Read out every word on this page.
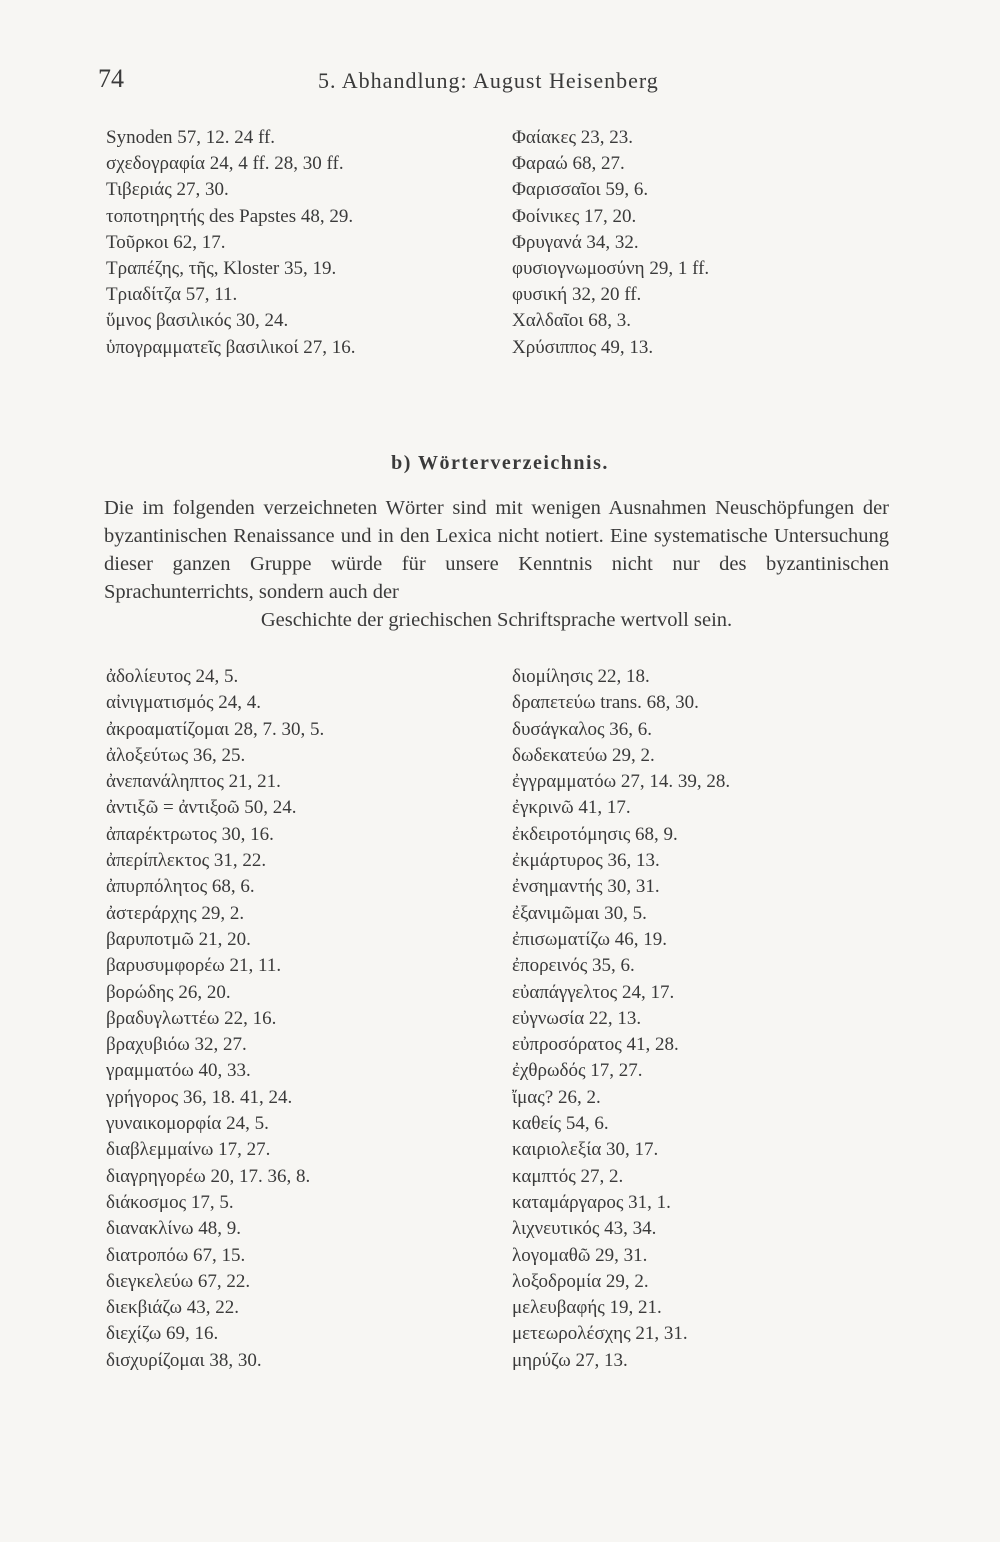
74	5. Abhandlung: August Heisenberg
Synoden 57, 12. 24 ff.
σχεδογραφία 24, 4 ff. 28, 30 ff.
Τιβεριάς 27, 30.
τοποτηρητής des Papstes 48, 29.
Τοῦρκοι 62, 17.
Τραπέζης, τῆς, Kloster 35, 19.
Τριαδίτζα 57, 11.
ὕμνος βασιλικός 30, 24.
ὑπογραμματεῖς βασιλικοί 27, 16.
Φαίακες 23, 23.
Φαραώ 68, 27.
Φαρισσαῖοι 59, 6.
Φοίνικες 17, 20.
Φρυγανά 34, 32.
φυσιογνωμοσύνη 29, 1 ff.
φυσική 32, 20 ff.
Χαλδαῖοι 68, 3.
Χρύσιππος 49, 13.
b) Wörterverzeichnis.

Die im folgenden verzeichneten Wörter sind mit wenigen Ausnahmen Neuschöpfungen der byzantinischen Renaissance und in den Lexica nicht notiert. Eine systematische Untersuchung dieser ganzen Gruppe würde für unsere Kenntnis nicht nur des byzantinischen Sprachunterrichts, sondern auch der

Geschichte der griechischen Schriftsprache wertvoll sein.

ἀδολίευτος 24, 5.
αἰνιγματισμός 24, 4.
ἀκροαματίζομαι 28, 7. 30, 5.
ἀλοξεύτως 36, 25.
ἀνεπανάληπτος 21, 21.
ἀντιξῶ = ἀντιξοῶ 50, 24.
ἀπαρέκτρωτος 30, 16.
ἀπερίπλεκτος 31, 22.
ἀπυρπόλητος 68, 6.
ἀστεράρχης 29, 2.
βαρυποτμῶ 21, 20.
βαρυσυμφορέω 21, 11.
βορώδης 26, 20.
βραδυγλωττέω 22, 16.
βραχυβιόω 32, 27.
γραμματόω 40, 33.
γρήγορος 36, 18. 41, 24.
γυναικομορφία 24, 5.
διαβλεμμαίνω 17, 27.
διαγρηγορέω 20, 17. 36, 8.
διάκοσμος 17, 5.
διανακλίνω 48, 9.
διατροπόω 67, 15.
διεγκελεύω 67, 22.
διεκβιάζω 43, 22.
διεχίζω 69, 16.
δισχυρίζομαι 38, 30.
διομίλησις 22, 18.
δραπετεύω trans. 68, 30.
δυσάγκαλος 36, 6.
δωδεκατεύω 29, 2.
ἐγγραμματόω 27, 14. 39, 28.
ἐγκρινῶ 41, 17.
ἐκδειροτόμησις 68, 9.
ἐκμάρτυρος 36, 13.
ἐνσημαντής 30, 31.
ἐξανιμῶμαι 30, 5.
ἐπισωματίζω 46, 19.
ἐπορεινός 35, 6.
εὐαπάγγελτος 24, 17.
εὐγνωσία 22, 13.
εὐπροσόρατος 41, 28.
ἐχθρωδός 17, 27.
ἴμας? 26, 2.
καθείς 54, 6.
καιριολεξία 30, 17.
καμπτός 27, 2.
καταμάργαρος 31, 1.
λιχνευτικός 43, 34.
λογομαθῶ 29, 31.
λοξοδρομία 29, 2.
μελευβαφής 19, 21.
μετεωρολέσχης 21, 31.
μηρύζω 27, 13.
